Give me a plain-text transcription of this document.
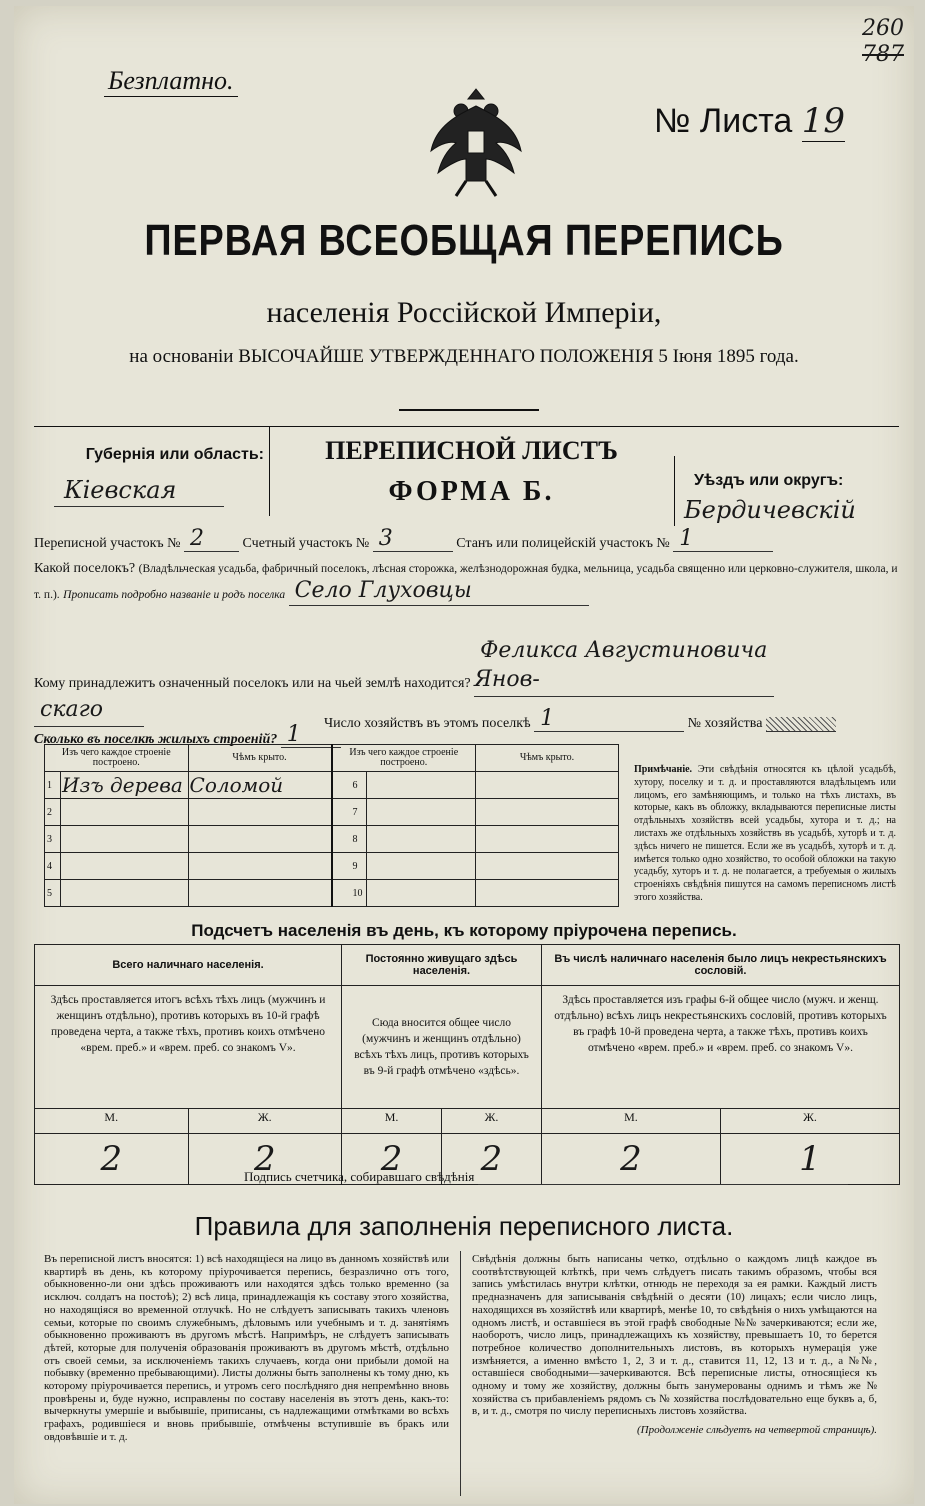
Безплатно.
260
787
№ Листа 19
ПЕРВАЯ ВСЕОБЩАЯ ПЕРЕПИСЬ
населенія Россійской Имперіи,
на основаніи ВЫСОЧАЙШЕ УТВЕРЖДЕННАГО ПОЛОЖЕНІЯ 5 Іюня 1895 года.
Губернія или область:
Кіевская
ПЕРЕПИСНОЙ ЛИСТЪ
ФОРМА Б.	Уѣздъ или округъ:
Бердичевскій
Переписной участокъ № 2	Счетный участокъ № 3	Станъ или полицейскій участокъ № 1
Какой поселокъ? (Владѣльческая усадьба, фабричный поселокъ, лѣсная сторожка, желѣзнодорожная будка, мельница, усадьба священно или церковно-служителя, школа, и т. п.). Прописать подробно названіе и родъ поселка Село Глуховцы
Кому принадлежитъ означенный поселокъ или на чьей землѣ находится? Феликса Августиновича Янов-
скаго
Число хозяйствъ въ этомъ поселкѣ 1	№ хозяйства
Сколько въ поселкѣ жилыхъ строеній? 1
Изъ чего каждое строеніе построено.		Чѣмъ крыто.	Изъ чего каждое строеніе построено.		Чѣмъ крыто.
1	Изъ дерева	Соломой	6		
2			7		
3			8		
4			9		
5			10		
Примѣчаніе. Эти свѣдѣнія относятся къ цѣлой усадьбѣ, хутору, поселку и т. д. и проставляются владѣльцемъ или лицомъ, его замѣняющимъ, и только на тѣхъ листахъ, въ которые, какъ въ обложку, вкладываются переписные листы отдѣльныхъ хозяйствъ всей усадьбы, хутора и т. д.; на листахъ же отдѣльныхъ хозяйствъ въ усадьбѣ, хуторѣ и т. д. здѣсь ничего не пишется. Если же въ усадьбѣ, хуторѣ и т. д. имѣется только одно хозяйство, то особой обложки на такую усадьбу, хуторъ и т. д. не полагается, а требуемыя о жилыхъ строеніяхъ свѣдѣнія пишутся на самомъ переписномъ листѣ этого хозяйства.
Подсчетъ населенія въ день, къ которому пріурочена перепись.
Всего наличнаго населенія.		Постоянно живущаго здѣсь населенія.		Въ числѣ наличнаго населенія было лицъ некрестьянскихъ сословій.	
Здѣсь проставляется итогъ всѣхъ тѣхъ лицъ (мужчинъ и женщинъ отдѣльно), противъ которыхъ въ 10-й графѣ проведена черта, а также тѣхъ, противъ коихъ отмѣчено «врем. преб.» и «врем. преб. со знакомъ V».		Сюда вносится общее число (мужчинъ и женщинъ отдѣльно) всѣхъ тѣхъ лицъ, противъ которыхъ въ 9-й графѣ отмѣчено «здѣсь».		Здѣсь проставляется изъ графы 6-й общее число (мужч. и женщ. отдѣльно) всѣхъ лицъ некрестьянскихъ сословій, противъ которыхъ въ графѣ 10-й проведена черта, а также тѣхъ, противъ коихъ отмѣчено «врем. преб.» и «врем. преб. со знакомъ V».	
М.	Ж.	М.	Ж.	М.	Ж.
2	2	2	2	2	1
Подпись счетчика, собиравшаго свѣдѣнія
Правила для заполненія переписного листа.
Въ переписной листъ вносятся: 1) всѣ находящіеся на лицо въ данномъ хозяйствѣ или квартирѣ въ день, къ которому пріурочивается перепись, безразлично отъ того, обыкновенно-ли они здѣсь проживаютъ или находятся здѣсь только временно (за исключ. солдатъ на постоѣ); 2) всѣ лица, принадлежащія къ составу этого хозяйства, но находящіяся во временной отлучкѣ. Но не слѣдуетъ записывать такихъ членовъ семьи, которые по своимъ служебнымъ, дѣловымъ или учебнымъ и т. д. занятіямъ обыкновенно проживаютъ въ другомъ мѣстѣ. Напримѣръ, не слѣдуетъ записывать дѣтей, которые для полученія образованія проживаютъ въ другомъ мѣстѣ, отдѣльно отъ своей семьи, за исключеніемъ такихъ случаевъ, когда они прибыли домой на побывку (временно пребывающими). Листы должны быть заполнены къ тому дню, къ которому пріурочивается перепись, и утромъ сего послѣдняго дня непремѣнно вновь провѣрены и, буде нужно, исправлены по составу населенія въ этотъ день, какъ-то: вычеркнуты умершіе и выбывшіе, приписаны, съ надлежащими отмѣтками во всѣхъ графахъ, родившіеся и вновь прибывшіе, отмѣчены вступившіе въ бракъ или овдовѣвшіе и т. д.
Свѣдѣнія должны быть написаны четко, отдѣльно о каждомъ лицѣ каждое въ соотвѣтствующей клѣткѣ, при чемъ слѣдуетъ писать такимъ образомъ, чтобы вся запись умѣстилась внутри клѣтки, отнюдь не переходя за ея рамки. Каждый листъ предназначенъ для записыванія свѣдѣній о десяти (10) лицахъ; если число лицъ, находящихся въ хозяйствѣ или квартирѣ, менѣе 10, то свѣдѣнія о нихъ умѣщаются на одномъ листѣ, и оставшіеся въ этой графѣ свободные №№ зачеркиваются; если же, наоборотъ, число лицъ, принадлежащихъ къ хозяйству, превышаетъ 10, то берется потребное количество дополнительныхъ листовъ, въ которыхъ нумерація уже измѣняется, а именно вмѣсто 1, 2, 3 и т. д., ставится 11, 12, 13 и т. д., а №№, оставшіеся свободными—зачеркиваются. Всѣ переписные листы, относящіеся къ одному и тому же хозяйству, должны быть занумерованы однимъ и тѣмъ же № хозяйства съ прибавленіемъ рядомъ съ № хозяйства послѣдовательно еще буквъ а, б, в, и т. д., смотря по числу переписныхъ листовъ хозяйства.
(Продолженіе слѣдуетъ на четвертой страницѣ).
